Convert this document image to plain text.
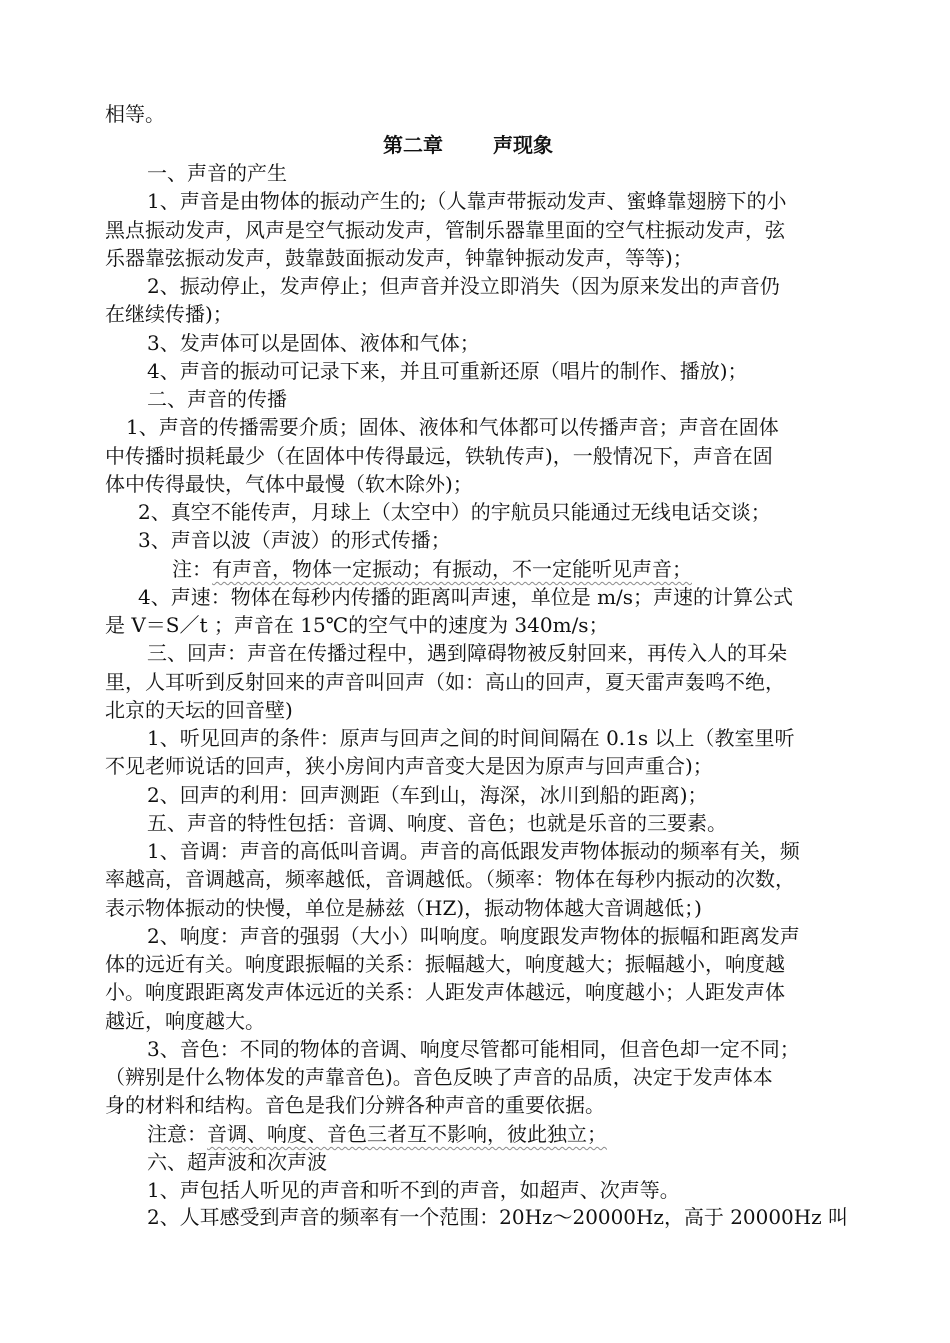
相等。
第二章	声现象
一、声音的产生
1、声音是由物体的振动产生的;（人靠声带振动发声、蜜蜂靠翅膀下的小
黑点振动发声，风声是空气振动发声，管制乐器靠里面的空气柱振动发声，弦
乐器靠弦振动发声，鼓靠鼓面振动发声，钟靠钟振动发声，等等)；
2、振动停止，发声停止；但声音并没立即消失（因为原来发出的声音仍
在继续传播)；
3、发声体可以是固体、液体和气体；
4、声音的振动可记录下来，并且可重新还原（唱片的制作、播放)；
二、声音的传播
1、声音的传播需要介质；固体、液体和气体都可以传播声音；声音在固体
中传播时损耗最少（在固体中传得最远，铁轨传声)，一般情况下，声音在固
体中传得最快，气体中最慢（软木除外)；
2、真空不能传声，月球上（太空中）的宇航员只能通过无线电话交谈；
3、声音以波（声波）的形式传播；
注：有声音，物体一定振动；有振动，不一定能听见声音；
4、声速：物体在每秒内传播的距离叫声速，单位是 m/s；声速的计算公式
是 V＝S／t ；声音在 15℃的空气中的速度为 340m/s；
三、回声：声音在传播过程中，遇到障碍物被反射回来，再传入人的耳朵
里，人耳听到反射回来的声音叫回声（如：高山的回声，夏天雷声轰鸣不绝，
北京的天坛的回音壁)
1、听见回声的条件：原声与回声之间的时间间隔在 0.1s 以上（教室里听
不见老师说话的回声，狭小房间内声音变大是因为原声与回声重合)；
2、回声的利用：回声测距（车到山，海深，冰川到船的距离)；
五、声音的特性包括：音调、响度、音色；也就是乐音的三要素。
1、音调：声音的高低叫音调。声音的高低跟发声物体振动的频率有关，频
率越高，音调越高，频率越低，音调越低。（频率：物体在每秒内振动的次数，
表示物体振动的快慢，单位是赫兹（HZ)，振动物体越大音调越低；)
2、响度：声音的强弱（大小）叫响度。响度跟发声物体的振幅和距离发声
体的远近有关。响度跟振幅的关系：振幅越大，响度越大；振幅越小，响度越
小。响度跟距离发声体远近的关系：人距发声体越远，响度越小；人距发声体
越近，响度越大。
3、音色：不同的物体的音调、响度尽管都可能相同，但音色却一定不同；
（辨别是什么物体发的声靠音色)。音色反映了声音的品质，决定于发声体本
身的材料和结构。音色是我们分辨各种声音的重要依据。
注意：音调、响度、音色三者互不影响，彼此独立；
六、超声波和次声波
1、声包括人听见的声音和听不到的声音，如超声、次声等。
2、人耳感受到声音的频率有一个范围：20Hz～20000Hz，高于 20000Hz 叫
